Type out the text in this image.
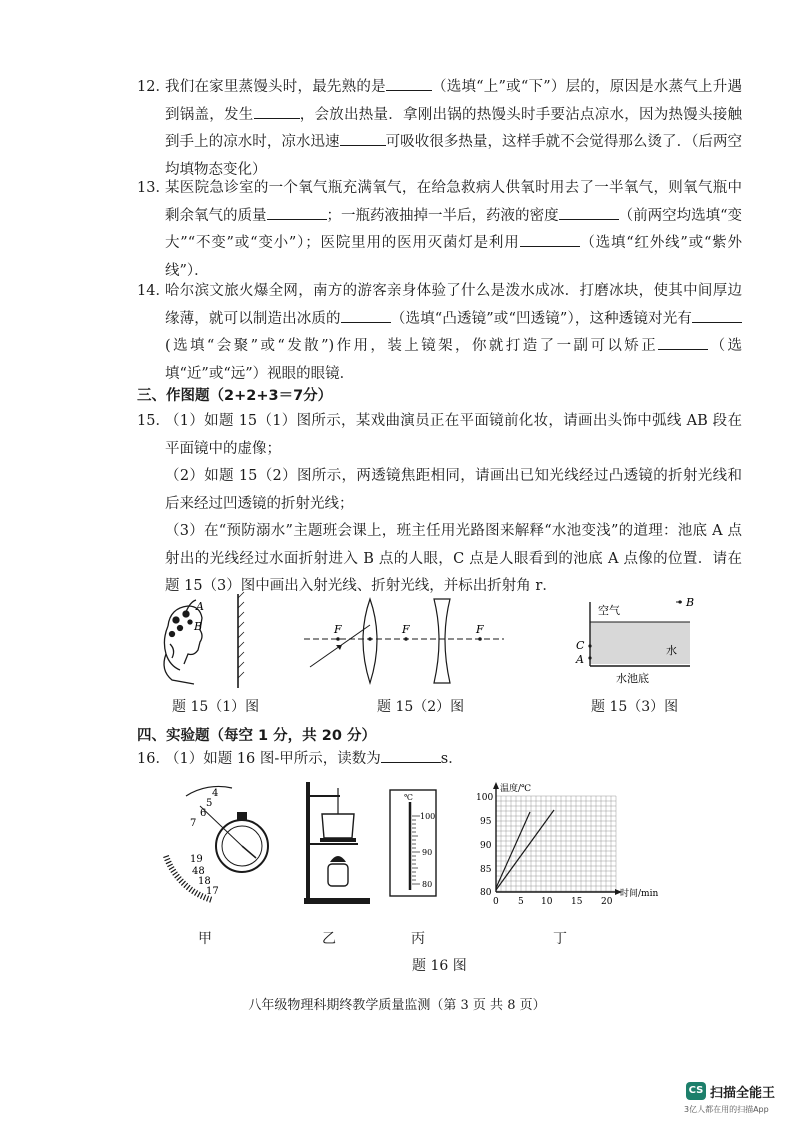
12．
我们在家里蒸馒头时，最先熟的是	（选填“上”或“下”）层的，原因是水蒸气上升遇到锅盖，发生	，会放出热量．拿刚出锅的热馒头时手要沾点凉水，因为热馒头接触到手上的凉水时，凉水迅速	可吸收很多热量，这样手就不会觉得那么烫了．（后两空均填物态变化）
13．
某医院急诊室的一个氧气瓶充满氧气，在给急救病人供氧时用去了一半氧气，则氧气瓶中剩余氧气的质量	；一瓶药液抽掉一半后，药液的密度	（前两空均选填“变大”“不变”或“变小”）；医院里用的医用灭菌灯是利用	（选填“红外线”或“紫外线”）．
14．
哈尔滨文旅火爆全网，南方的游客亲身体验了什么是泼水成冰．打磨冰块，使其中间厚边缘薄，就可以制造出冰质的	（选填“凸透镜”或“凹透镜”），这种透镜对光有(选填“会聚”或“发散”)作用，装上镜架，你就打造了一副可以矫正	（选填“近”或“远”）视眼的眼镜．
三、作图题（2+2+3＝7分）
15．
（1）如题 15（1）图所示，某戏曲演员正在平面镜前化妆，请画出头饰中弧线 AB 段在平面镜中的虚像；
（2）如题 15（2）图所示，两透镜焦距相同，请画出已知光线经过凸透镜的折射光线和后来经过凹透镜的折射光线；
（3）在“预防溺水”主题班会课上，班主任用光路图来解释“水池变浅”的道理：池底 A 点射出的光线经过水面折射进入 B 点的人眼，C 点是人眼看到的池底 A 点像的位置．请在题 15（3）图中画出入射光线、折射光线，并标出折射角 r．
A
B
题 15（1）图
F	F	F
题 15（2）图
空气
水
水池底
B
C
A
题 15（3）图
四、实验题（每空 1 分，共 20 分）
16．
（1）如题 16 图-甲所示，读数为	s．
4
5
6
7
19
48
18
17
℃
100
90
80
温度/℃
时间/min
100
95
90
85
80
0 5 10 15 20
甲	乙	丙	丁
题 16 图
八年级物理科期终教学质量监测（第 3 页 共 8 页）
CS 扫描全能王
3亿人都在用的扫描App
